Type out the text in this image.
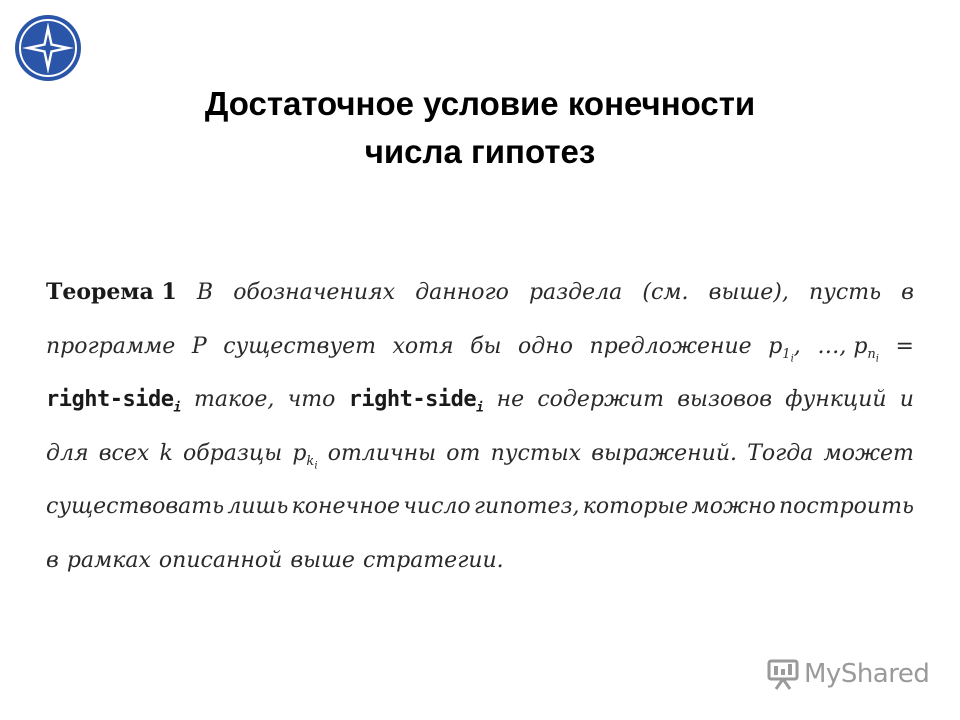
Достаточное условие конечности
числа гипотез
Теорема 1 В обозначениях данного раздела (см. выше), пусть в
программе P существует хотя бы одно предложение $p_{1_i}$, …, $p_{n_i}$
=
right-side$_i$ такое, что right-side$_i$ не содержит вызовов функций и
для всех k образцы $p_{k_i}$
отличны от пустых выражений. Тогда может
существовать лишь конечное число гипотез, которые можно построить
в рамках описанной выше стратегии.
MyShared
